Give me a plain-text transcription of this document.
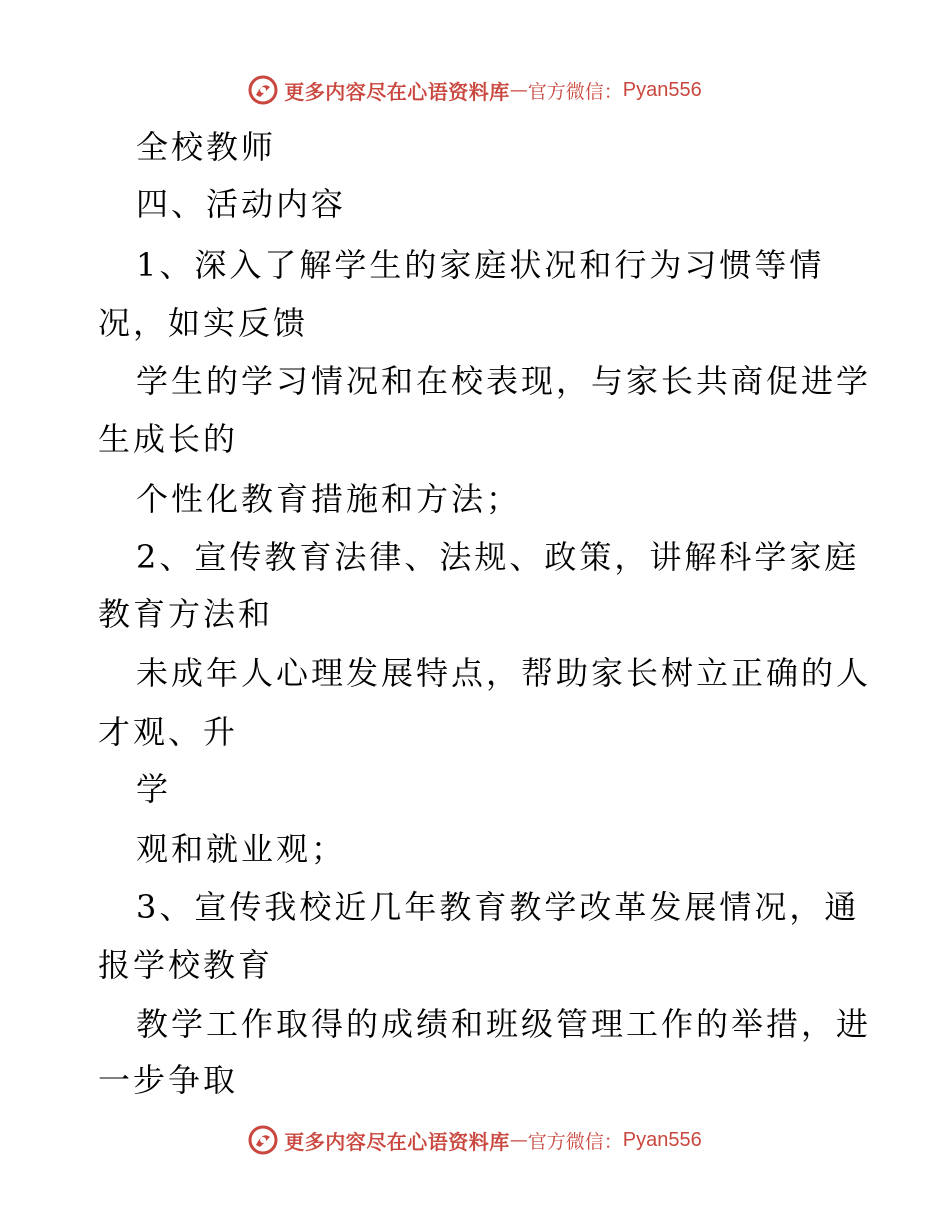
更多内容尽在心语资料库 — 官方微信： Pyan556
全校教师
四、活动内容
1、深入了解学生的家庭状况和行为习惯等情
况，如实反馈
学生的学习情况和在校表现，与家长共商促进学
生成长的
个性化教育措施和方法；
2、宣传教育法律、法规、政策，讲解科学家庭
教育方法和
未成年人心理发展特点，帮助家长树立正确的人
才观、升
学
观和就业观；
3、宣传我校近几年教育教学改革发展情况，通
报学校教育
教学工作取得的成绩和班级管理工作的举措，进
一步争取
更多内容尽在心语资料库 — 官方微信： Pyan556
